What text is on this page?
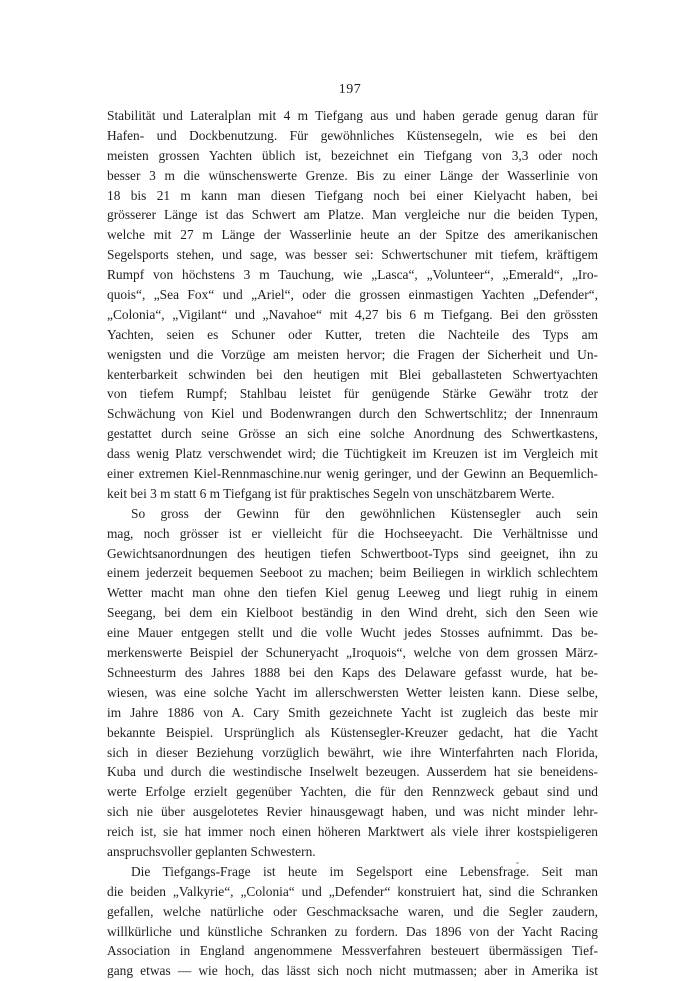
197
Stabilität und Lateralplan mit 4 m Tiefgang aus und haben gerade genug daran für
Hafen- und Dockbenutzung. Für gewöhnliches Küstensegeln, wie es bei den
meisten grossen Yachten üblich ist, bezeichnet ein Tiefgang von 3,3 oder noch
besser 3 m die wünschenswerte Grenze. Bis zu einer Länge der Wasserlinie von
18 bis 21 m kann man diesen Tiefgang noch bei einer Kielyacht haben, bei
grösserer Länge ist das Schwert am Platze. Man vergleiche nur die beiden Typen,
welche mit 27 m Länge der Wasserlinie heute an der Spitze des amerikanischen
Segelsports stehen, und sage, was besser sei: Schwertschuner mit tiefem, kräftigem
Rumpf von höchstens 3 m Tauchung, wie „Lasca“, „Volunteer“, „Emerald“, „Iro-
quois“, „Sea Fox“ und „Ariel“, oder die grossen einmastigen Yachten „Defender“,
„Colonia“, „Vigilant“ und „Navahoe“ mit 4,27 bis 6 m Tiefgang. Bei den grössten
Yachten, seien es Schuner oder Kutter, treten die Nachteile des Typs am
wenigsten und die Vorzüge am meisten hervor; die Fragen der Sicherheit und Un-
kenterbarkeit schwinden bei den heutigen mit Blei geballasteten Schwertyachten
von tiefem Rumpf; Stahlbau leistet für genügende Stärke Gewähr trotz der
Schwächung von Kiel und Bodenwrangen durch den Schwertschlitz; der Innenraum
gestattet durch seine Grösse an sich eine solche Anordnung des Schwertkastens,
dass wenig Platz verschwendet wird; die Tüchtigkeit im Kreuzen ist im Vergleich mit
einer extremen Kiel-Rennmaschine.nur wenig geringer, und der Gewinn an Bequemlich-
keit bei 3 m statt 6 m Tiefgang ist für praktisches Segeln von unschätzbarem Werte.
So gross der Gewinn für den gewöhnlichen Küstensegler auch sein
mag, noch grösser ist er vielleicht für die Hochseeyacht. Die Verhältnisse und
Gewichtsanordnungen des heutigen tiefen Schwertboot-Typs sind geeignet, ihn zu
einem jederzeit bequemen Seeboot zu machen; beim Beiliegen in wirklich schlechtem
Wetter macht man ohne den tiefen Kiel genug Leeweg und liegt ruhig in einem
Seegang, bei dem ein Kielboot beständig in den Wind dreht, sich den Seen wie
eine Mauer entgegen stellt und die volle Wucht jedes Stosses aufnimmt. Das be-
merkenswerte Beispiel der Schuneryacht „Iroquois“, welche von dem grossen März-
Schneesturm des Jahres 1888 bei den Kaps des Delaware gefasst wurde, hat be-
wiesen, was eine solche Yacht im allerschwersten Wetter leisten kann. Diese selbe,
im Jahre 1886 von A. Cary Smith gezeichnete Yacht ist zugleich das beste mir
bekannte Beispiel. Ursprünglich als Küstensegler-Kreuzer gedacht, hat die Yacht
sich in dieser Beziehung vorzüglich bewährt, wie ihre Winterfahrten nach Florida,
Kuba und durch die westindische Inselwelt bezeugen. Ausserdem hat sie beneidens-
werte Erfolge erzielt gegenüber Yachten, die für den Rennzweck gebaut sind und
sich nie über ausgelotetes Revier hinausgewagt haben, und was nicht minder lehr-
reich ist, sie hat immer noch einen höheren Marktwert als viele ihrer kostspieligeren
anspruchsvoller geplanten Schwestern.
Die Tiefgangs-Frage ist heute im Segelsport eine Lebensfrage. Seit man
die beiden „Valkyrie“, „Colonia“ und „Defender“ konstruiert hat, sind die Schranken
gefallen, welche natürliche oder Geschmacksache waren, und die Segler zaudern,
willkürliche und künstliche Schranken zu fordern. Das 1896 von der Yacht Racing
Association in England angenommene Messverfahren besteuert übermässigen Tief-
gang etwas — wie hoch, das lässt sich noch nicht mutmassen; aber in Amerika ist
